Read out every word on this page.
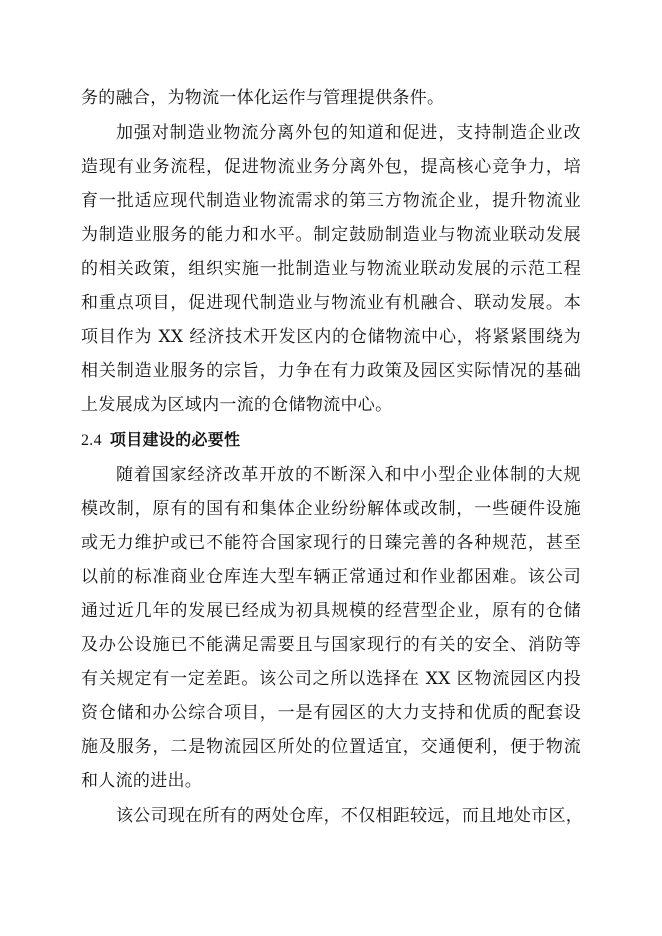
务的融合，为物流一体化运作与管理提供条件。
加强对制造业物流分离外包的知道和促进，支持制造企业改
造现有业务流程，促进物流业务分离外包，提高核心竞争力，培
育一批适应现代制造业物流需求的第三方物流企业，提升物流业
为制造业服务的能力和水平。制定鼓励制造业与物流业联动发展
的相关政策，组织实施一批制造业与物流业联动发展的示范工程
和重点项目，促进现代制造业与物流业有机融合、联动发展。本
项目作为 XX 经济技术开发区内的仓储物流中心，将紧紧围绕为
相关制造业服务的宗旨，力争在有力政策及园区实际情况的基础
上发展成为区域内一流的仓储物流中心。
2.4 项目建设的必要性
随着国家经济改革开放的不断深入和中小型企业体制的大规
模改制，原有的国有和集体企业纷纷解体或改制，一些硬件设施
或无力维护或已不能符合国家现行的日臻完善的各种规范，甚至
以前的标准商业仓库连大型车辆正常通过和作业都困难。该公司
通过近几年的发展已经成为初具规模的经营型企业，原有的仓储
及办公设施已不能满足需要且与国家现行的有关的安全、消防等
有关规定有一定差距。该公司之所以选择在 XX 区物流园区内投
资仓储和办公综合项目，一是有园区的大力支持和优质的配套设
施及服务，二是物流园区所处的位置适宜，交通便利，便于物流
和人流的进出。
该公司现在所有的两处仓库，不仅相距较远，而且地处市区，
